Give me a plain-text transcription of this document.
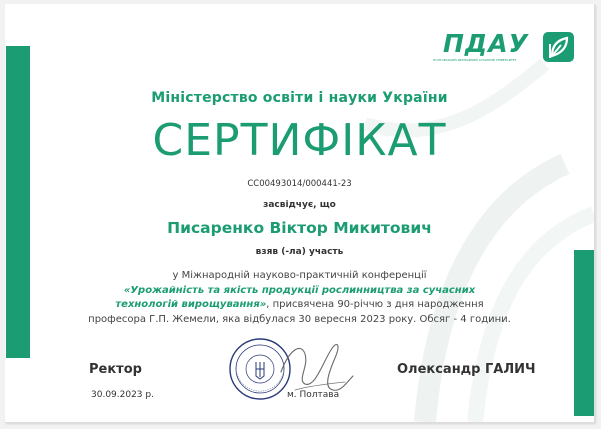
ПДАУ
ПОЛТАВСЬКИЙ ДЕРЖАВНИЙ АГРАРНИЙ УНІВЕРСИТЕТ
Міністерство освіти і науки України
СЕРТИФІКАТ
СС00493014/000441-23
засвідчує, що
Писаренко Віктор Микитович
взяв (-ла) участь
у Міжнародній науково-практичній конференції
«Урожайність та якість продукції рослинництва за сучасних
технологій вирощування», присвячена 90-річчю з дня народження
професора Г.П. Жемели, яка відбулася 30 вересня 2023 року. Обсяг - 4 години.
Ректор
30.09.2023 р.	м. Полтава
Олександр ГАЛИЧ
